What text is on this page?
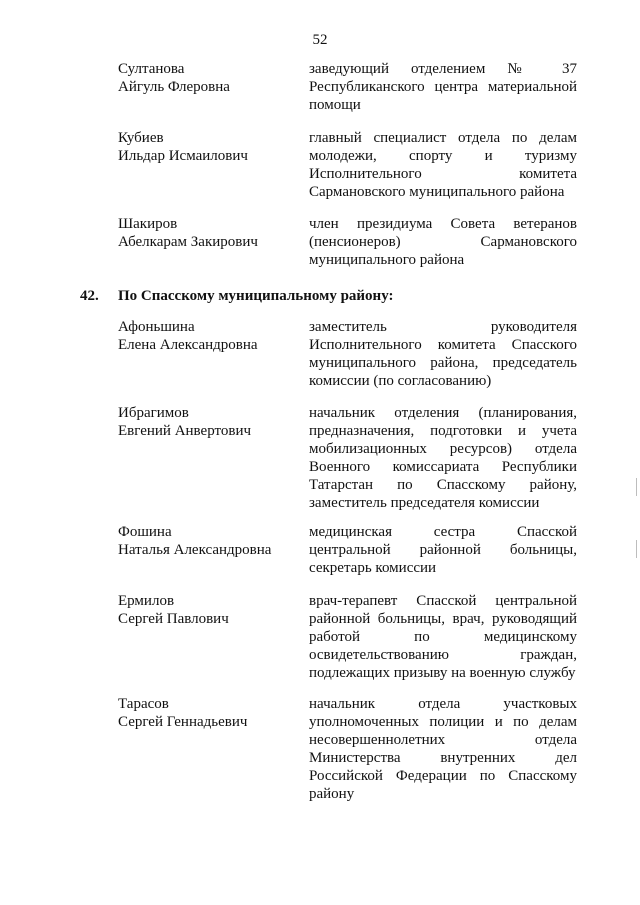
52
Султанова
Айгуль Флеровна
заведующий отделением № 37 Республиканского центра материальной помощи
Кубиев
Ильдар Исмаилович
главный специалист отдела по делам молодежи, спорту и туризму Исполнительного комитета Сармановского муниципального района
Шакиров
Абелкарам Закирович
член президиума Совета ветеранов (пенсионеров) Сармановского муниципального района
42. По Спасскому муниципальному району:
Афоньшина
Елена Александровна
заместитель руководителя Исполнительного комитета Спасского муниципального района, председатель комиссии (по согласованию)
Ибрагимов
Евгений Анвертович
начальник отделения (планирования, предназначения, подготовки и учета мобилизационных ресурсов) отдела Военного комиссариата Республики Татарстан по Спасскому району, заместитель председателя комиссии
Фошина
Наталья Александровна
медицинская сестра Спасской центральной районной больницы, секретарь комиссии
Ермилов
Сергей Павлович
врач-терапевт Спасской центральной районной больницы, врач, руководящий работой по медицинскому освидетельствованию граждан, подлежащих призыву на военную службу
Тарасов
Сергей Геннадьевич
начальник отдела участковых уполномоченных полиции и по делам несовершеннолетних отдела Министерства внутренних дел Российской Федерации по Спасскому району
